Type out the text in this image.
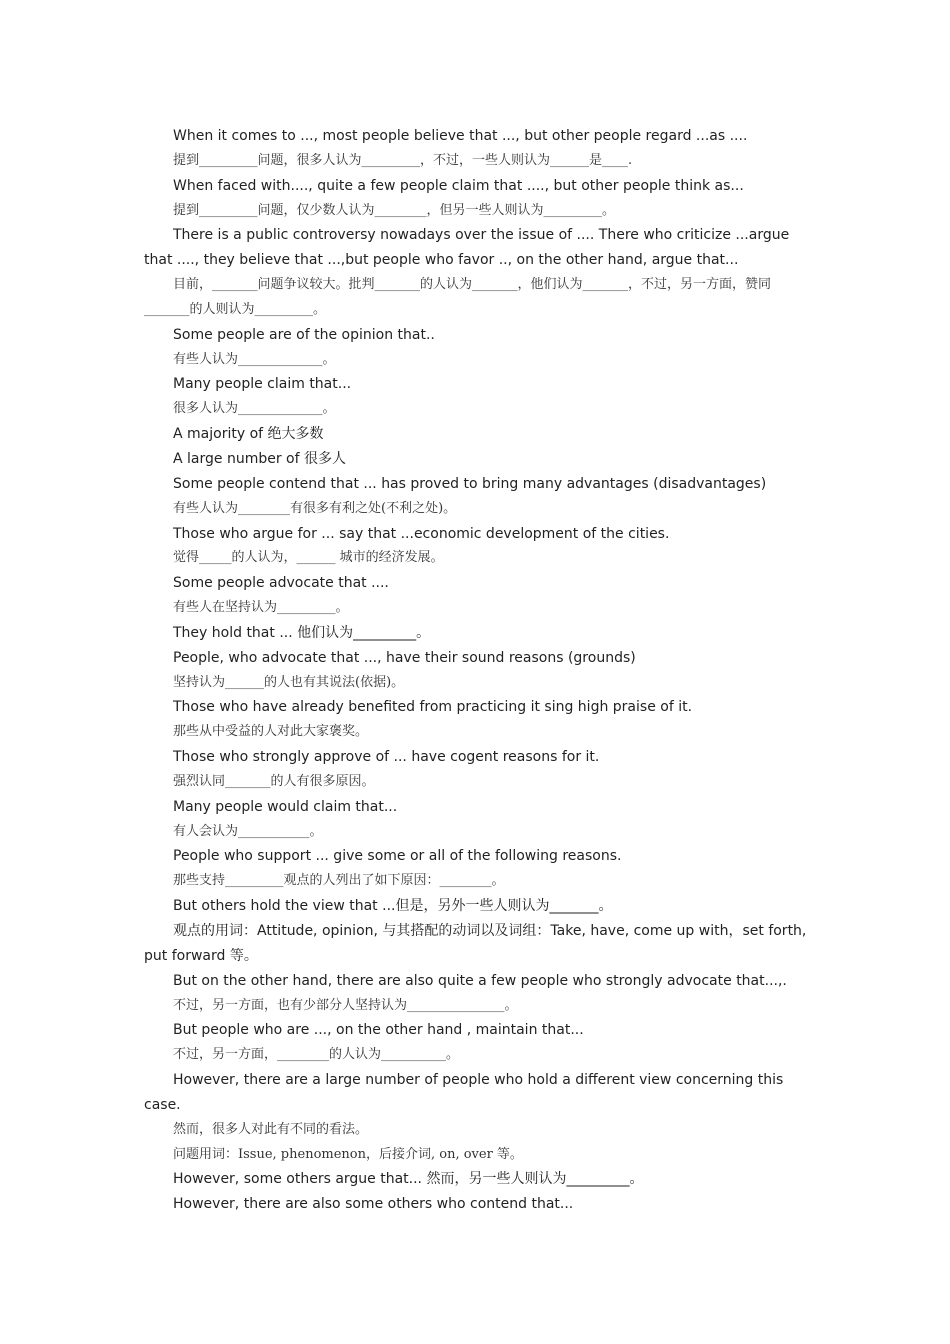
When it comes to ..., most people believe that ..., but other people regard ...as ....

提到_________问题，很多人认为_________，不过，一些人则认为______是____.

When faced with...., quite a few people claim that ...., but other people think as...

提到_________问题，仅少数人认为________，但另一些人则认为_________。

There is a public controversy nowadays over the issue of .... There who criticize ...argue that ...., they believe that ...,but people who favor .., on the other hand, argue that...

目前，_______问题争议较大。批判_______的人认为_______，他们认为_______，不过，另一方面，赞同_______的人则认为_________。

Some people are of the opinion that..

有些人认为_____________。

Many people claim that...

很多人认为_____________。

A majority of 绝大多数

A large number of 很多人

Some people contend that ... has proved to bring many advantages (disadvantages)

有些人认为________有很多有利之处(不利之处)。

Those who argue for ... say that ...economic development of the cities.

觉得_____的人认为，______ 城市的经济发展。

Some people advocate that ....

有些人在坚持认为_________。

They hold that ... 他们认为_________。

People, who advocate that ..., have their sound reasons (grounds)

坚持认为______的人也有其说法(依据)。

Those who have already benefited from practicing it sing high praise of it.

那些从中受益的人对此大家褒奖。

Those who strongly approve of ... have cogent reasons for it.

强烈认同_______的人有很多原因。

Many people would claim that...

有人会认为___________。

People who support ... give some or all of the following reasons.

那些支持_________观点的人列出了如下原因：________。

But others hold the view that ...但是，另外一些人则认为_______。

观点的用词：Attitude, opinion, 与其搭配的动词以及词组：Take, have, come up with，set forth, put forward 等。

But on the other hand, there are also quite a few people who strongly advocate that...,.

不过，另一方面，也有少部分人坚持认为_______________。

But people who are ..., on the other hand , maintain that...

不过，另一方面，________的人认为__________。

However, there are a large number of people who hold a different view concerning this case.

然而，很多人对此有不同的看法。

问题用词：Issue, phenomenon，后接介词, on, over 等。

However, some others argue that... 然而，另一些人则认为_________。

However, there are also some others who contend that...
